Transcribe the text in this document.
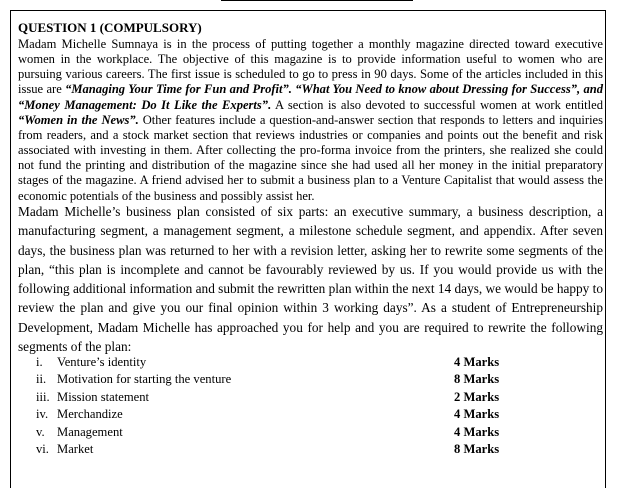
QUESTION 1 (COMPULSORY)
Madam Michelle Sumnaya is in the process of putting together a monthly magazine directed toward executive women in the workplace. The objective of this magazine is to provide information useful to women who are pursuing various careers. The first issue is scheduled to go to press in 90 days. Some of the articles included in this issue are “Managing Your Time for Fun and Profit”. “What You Need to know about Dressing for Success”, and “Money Management: Do It Like the Experts”. A section is also devoted to successful women at work entitled “Women in the News”. Other features include a question-and-answer section that responds to letters and inquiries from readers, and a stock market section that reviews industries or companies and points out the benefit and risk associated with investing in them. After collecting the pro-forma invoice from the printers, she realized she could not fund the printing and distribution of the magazine since she had used all her money in the initial preparatory stages of the magazine. A friend advised her to submit a business plan to a Venture Capitalist that would assess the economic potentials of the business and possibly assist her.
Madam Michelle’s business plan consisted of six parts: an executive summary, a business description, a manufacturing segment, a management segment, a milestone schedule segment, and appendix. After seven days, the business plan was returned to her with a revision letter, asking her to rewrite some segments of the plan, “this plan is incomplete and cannot be favourably reviewed by us. If you would provide us with the following additional information and submit the rewritten plan within the next 14 days, we would be happy to review the plan and give you our final opinion within 3 working days”. As a student of Entrepreneurship Development, Madam Michelle has approached you for help and you are required to rewrite the following segments of the plan:
i. Venture’s identity	4 Marks
ii. Motivation for starting the venture	8 Marks
iii. Mission statement	2 Marks
iv. Merchandize	4 Marks
v. Management	4 Marks
vi. Market	8 Marks
